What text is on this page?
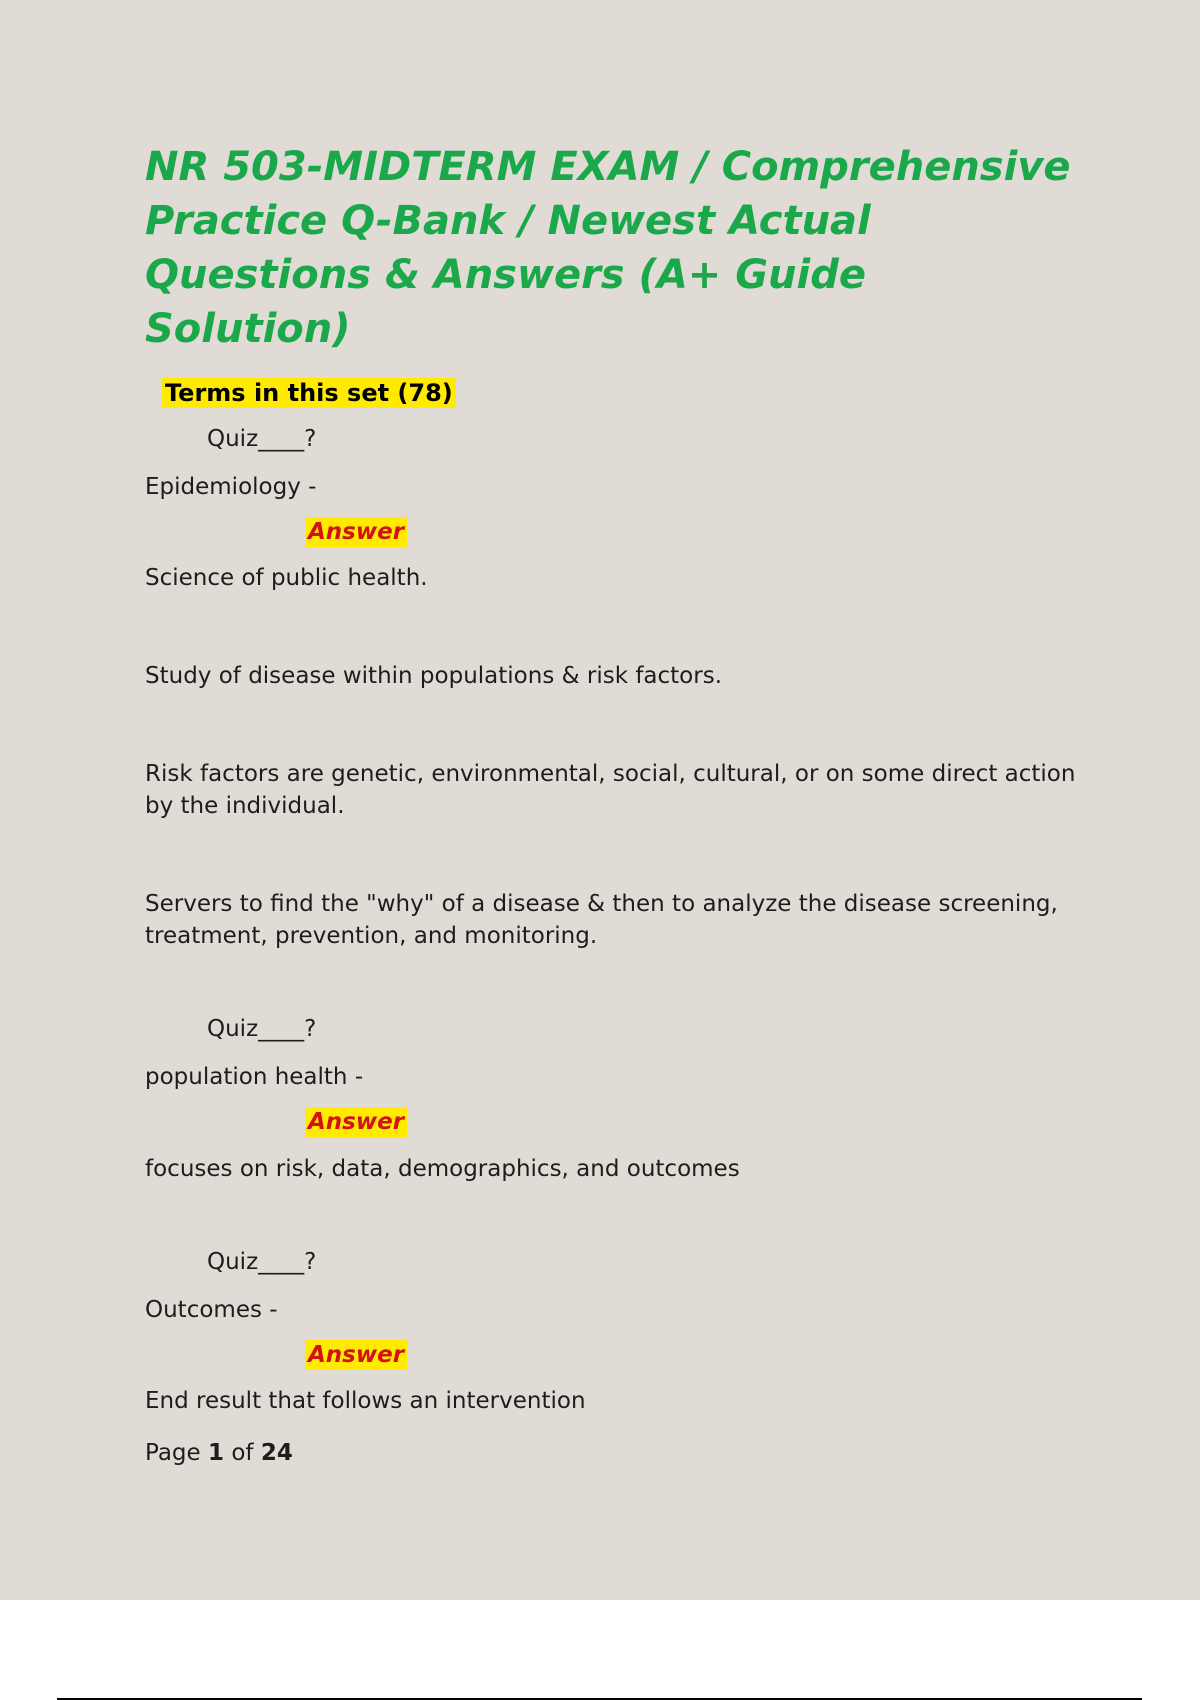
NR 503-MIDTERM EXAM / Comprehensive Practice Q-Bank / Newest Actual Questions & Answers (A+ Guide Solution)
Terms in this set (78)
Quiz____?
Epidemiology -
Answer
Science of public health.
Study of disease within populations & risk factors.
Risk factors are genetic, environmental, social, cultural, or on some direct action by the individual.
Servers to find the "why" of a disease & then to analyze the disease screening, treatment, prevention, and monitoring.
Quiz____?
population health -
Answer
focuses on risk, data, demographics, and outcomes
Quiz____?
Outcomes -
Answer
End result that follows an intervention
Page 1 of 24
